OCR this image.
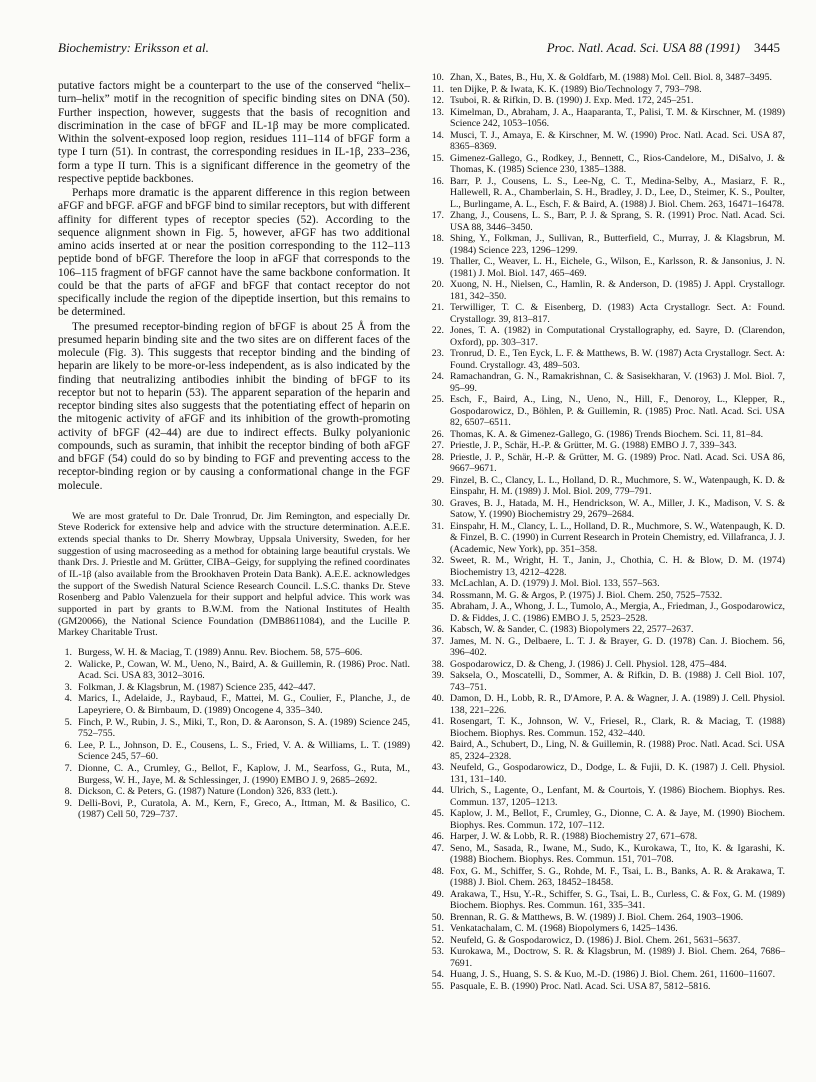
Biochemistry: Eriksson et al.	Proc. Natl. Acad. Sci. USA 88 (1991) 3445

putative factors might be a counterpart to the use of the conserved “helix–turn–helix” motif in the recognition of specific binding sites on DNA (50). Further inspection, however, suggests that the basis of recognition and discrimination in the case of bFGF and IL-1β may be more complicated. Within the solvent-exposed loop region, residues 111–114 of bFGF form a type I turn (51). In contrast, the corresponding residues in IL-1β, 233–236, form a type II turn. This is a significant difference in the geometry of the respective peptide backbones.

Perhaps more dramatic is the apparent difference in this region between aFGF and bFGF. aFGF and bFGF bind to similar receptors, but with different affinity for different types of receptor species (52). According to the sequence alignment shown in Fig. 5, however, aFGF has two additional amino acids inserted at or near the position corresponding to the 112–113 peptide bond of bFGF. Therefore the loop in aFGF that corresponds to the 106–115 fragment of bFGF cannot have the same backbone conformation. It could be that the parts of aFGF and bFGF that contact receptor do not specifically include the region of the dipeptide insertion, but this remains to be determined.

The presumed receptor-binding region of bFGF is about 25 Å from the presumed heparin binding site and the two sites are on different faces of the molecule (Fig. 3). This suggests that receptor binding and the binding of heparin are likely to be more-or-less independent, as is also indicated by the finding that neutralizing antibodies inhibit the binding of bFGF to its receptor but not to heparin (53). The apparent separation of the heparin and receptor binding sites also suggests that the potentiating effect of heparin on the mitogenic activity of aFGF and its inhibition of the growth-promoting activity of bFGF (42–44) are due to indirect effects. Bulky polyanionic compounds, such as suramin, that inhibit the receptor binding of both aFGF and bFGF (54) could do so by binding to FGF and preventing access to the receptor-binding region or by causing a conformational change in the FGF molecule.

We are most grateful to Dr. Dale Tronrud, Dr. Jim Remington, and especially Dr. Steve Roderick for extensive help and advice with the structure determination. A.E.E. extends special thanks to Dr. Sherry Mowbray, Uppsala University, Sweden, for her suggestion of using macroseeding as a method for obtaining large beautiful crystals. We thank Drs. J. Priestle and M. Grütter, CIBA–Geigy, for supplying the refined coordinates of IL-1β (also available from the Brookhaven Protein Data Bank). A.E.E. acknowledges the support of the Swedish Natural Science Research Council. L.S.C. thanks Dr. Steve Rosenberg and Pablo Valenzuela for their support and helpful advice. This work was supported in part by grants to B.W.M. from the National Institutes of Health (GM20066), the National Science Foundation (DMB8611084), and the Lucille P. Markey Charitable Trust.

1. Burgess, W. H. & Maciag, T. (1989) Annu. Rev. Biochem. 58, 575–606.
2. Walicke, P., Cowan, W. M., Ueno, N., Baird, A. & Guillemin, R. (1986) Proc. Natl. Acad. Sci. USA 83, 3012–3016.
3. Folkman, J. & Klagsbrun, M. (1987) Science 235, 442–447.
4. Marics, I., Adelaide, J., Raybaud, F., Mattei, M. G., Coulier, F., Planche, J., de Lapeyriere, O. & Birnbaum, D. (1989) Oncogene 4, 335–340.
5. Finch, P. W., Rubin, J. S., Miki, T., Ron, D. & Aaronson, S. A. (1989) Science 245, 752–755.
6. Lee, P. L., Johnson, D. E., Cousens, L. S., Fried, V. A. & Williams, L. T. (1989) Science 245, 57–60.
7. Dionne, C. A., Crumley, G., Bellot, F., Kaplow, J. M., Searfoss, G., Ruta, M., Burgess, W. H., Jaye, M. & Schlessinger, J. (1990) EMBO J. 9, 2685–2692.
8. Dickson, C. & Peters, G. (1987) Nature (London) 326, 833 (lett.).
9. Delli-Bovi, P., Curatola, A. M., Kern, F., Greco, A., Ittman, M. & Basilico, C. (1987) Cell 50, 729–737.
10. Zhan, X., Bates, B., Hu, X. & Goldfarb, M. (1988) Mol. Cell. Biol. 8, 3487–3495.
11. ten Dijke, P. & Iwata, K. K. (1989) Bio/Technology 7, 793–798.
12. Tsuboi, R. & Rifkin, D. B. (1990) J. Exp. Med. 172, 245–251.
13. Kimelman, D., Abraham, J. A., Haaparanta, T., Palisi, T. M. & Kirschner, M. (1989) Science 242, 1053–1056.
14. Musci, T. J., Amaya, E. & Kirschner, M. W. (1990) Proc. Natl. Acad. Sci. USA 87, 8365–8369.
15. Gimenez-Gallego, G., Rodkey, J., Bennett, C., Rios-Candelore, M., DiSalvo, J. & Thomas, K. (1985) Science 230, 1385–1388.
16. Barr, P. J., Cousens, L. S., Lee-Ng, C. T., Medina-Selby, A., Masiarz, F. R., Hallewell, R. A., Chamberlain, S. H., Bradley, J. D., Lee, D., Steimer, K. S., Poulter, L., Burlingame, A. L., Esch, F. & Baird, A. (1988) J. Biol. Chem. 263, 16471–16478.
17. Zhang, J., Cousens, L. S., Barr, P. J. & Sprang, S. R. (1991) Proc. Natl. Acad. Sci. USA 88, 3446–3450.
18. Shing, Y., Folkman, J., Sullivan, R., Butterfield, C., Murray, J. & Klagsbrun, M. (1984) Science 223, 1296–1299.
19. Thaller, C., Weaver, L. H., Eichele, G., Wilson, E., Karlsson, R. & Jansonius, J. N. (1981) J. Mol. Biol. 147, 465–469.
20. Xuong, N. H., Nielsen, C., Hamlin, R. & Anderson, D. (1985) J. Appl. Crystallogr. 181, 342–350.
21. Terwilliger, T. C. & Eisenberg, D. (1983) Acta Crystallogr. Sect. A: Found. Crystallogr. 39, 813–817.
22. Jones, T. A. (1982) in Computational Crystallography, ed. Sayre, D. (Clarendon, Oxford), pp. 303–317.
23. Tronrud, D. E., Ten Eyck, L. F. & Matthews, B. W. (1987) Acta Crystallogr. Sect. A: Found. Crystallogr. 43, 489–503.
24. Ramachandran, G. N., Ramakrishnan, C. & Sasisekharan, V. (1963) J. Mol. Biol. 7, 95–99.
25. Esch, F., Baird, A., Ling, N., Ueno, N., Hill, F., Denoroy, L., Klepper, R., Gospodarowicz, D., Böhlen, P. & Guillemin, R. (1985) Proc. Natl. Acad. Sci. USA 82, 6507–6511.
26. Thomas, K. A. & Gimenez-Gallego, G. (1986) Trends Biochem. Sci. 11, 81–84.
27. Priestle, J. P., Schär, H.-P. & Grütter, M. G. (1988) EMBO J. 7, 339–343.
28. Priestle, J. P., Schär, H.-P. & Grütter, M. G. (1989) Proc. Natl. Acad. Sci. USA 86, 9667–9671.
29. Finzel, B. C., Clancy, L. L., Holland, D. R., Muchmore, S. W., Watenpaugh, K. D. & Einspahr, H. M. (1989) J. Mol. Biol. 209, 779–791.
30. Graves, B. J., Hatada, M. H., Hendrickson, W. A., Miller, J. K., Madison, V. S. & Satow, Y. (1990) Biochemistry 29, 2679–2684.
31. Einspahr, H. M., Clancy, L. L., Holland, D. R., Muchmore, S. W., Watenpaugh, K. D. & Finzel, B. C. (1990) in Current Research in Protein Chemistry, ed. Villafranca, J. J. (Academic, New York), pp. 351–358.
32. Sweet, R. M., Wright, H. T., Janin, J., Chothia, C. H. & Blow, D. M. (1974) Biochemistry 13, 4212–4228.
33. McLachlan, A. D. (1979) J. Mol. Biol. 133, 557–563.
34. Rossmann, M. G. & Argos, P. (1975) J. Biol. Chem. 250, 7525–7532.
35. Abraham, J. A., Whong, J. L., Tumolo, A., Mergia, A., Friedman, J., Gospodarowicz, D. & Fiddes, J. C. (1986) EMBO J. 5, 2523–2528.
36. Kabsch, W. & Sander, C. (1983) Biopolymers 22, 2577–2637.
37. James, M. N. G., Delbaere, L. T. J. & Brayer, G. D. (1978) Can. J. Biochem. 56, 396–402.
38. Gospodarowicz, D. & Cheng, J. (1986) J. Cell. Physiol. 128, 475–484.
39. Saksela, O., Moscatelli, D., Sommer, A. & Rifkin, D. B. (1988) J. Cell Biol. 107, 743–751.
40. Damon, D. H., Lobb, R. R., D'Amore, P. A. & Wagner, J. A. (1989) J. Cell. Physiol. 138, 221–226.
41. Rosengart, T. K., Johnson, W. V., Friesel, R., Clark, R. & Maciag, T. (1988) Biochem. Biophys. Res. Commun. 152, 432–440.
42. Baird, A., Schubert, D., Ling, N. & Guillemin, R. (1988) Proc. Natl. Acad. Sci. USA 85, 2324–2328.
43. Neufeld, G., Gospodarowicz, D., Dodge, L. & Fujii, D. K. (1987) J. Cell. Physiol. 131, 131–140.
44. Ulrich, S., Lagente, O., Lenfant, M. & Courtois, Y. (1986) Biochem. Biophys. Res. Commun. 137, 1205–1213.
45. Kaplow, J. M., Bellot, F., Crumley, G., Dionne, C. A. & Jaye, M. (1990) Biochem. Biophys. Res. Commun. 172, 107–112.
46. Harper, J. W. & Lobb, R. R. (1988) Biochemistry 27, 671–678.
47. Seno, M., Sasada, R., Iwane, M., Sudo, K., Kurokawa, T., Ito, K. & Igarashi, K. (1988) Biochem. Biophys. Res. Commun. 151, 701–708.
48. Fox, G. M., Schiffer, S. G., Rohde, M. F., Tsai, L. B., Banks, A. R. & Arakawa, T. (1988) J. Biol. Chem. 263, 18452–18458.
49. Arakawa, T., Hsu, Y.-R., Schiffer, S. G., Tsai, L. B., Curless, C. & Fox, G. M. (1989) Biochem. Biophys. Res. Commun. 161, 335–341.
50. Brennan, R. G. & Matthews, B. W. (1989) J. Biol. Chem. 264, 1903–1906.
51. Venkatachalam, C. M. (1968) Biopolymers 6, 1425–1436.
52. Neufeld, G. & Gospodarowicz, D. (1986) J. Biol. Chem. 261, 5631–5637.
53. Kurokawa, M., Doctrow, S. R. & Klagsbrun, M. (1989) J. Biol. Chem. 264, 7686–7691.
54. Huang, J. S., Huang, S. S. & Kuo, M.-D. (1986) J. Biol. Chem. 261, 11600–11607.
55. Pasquale, E. B. (1990) Proc. Natl. Acad. Sci. USA 87, 5812–5816.
